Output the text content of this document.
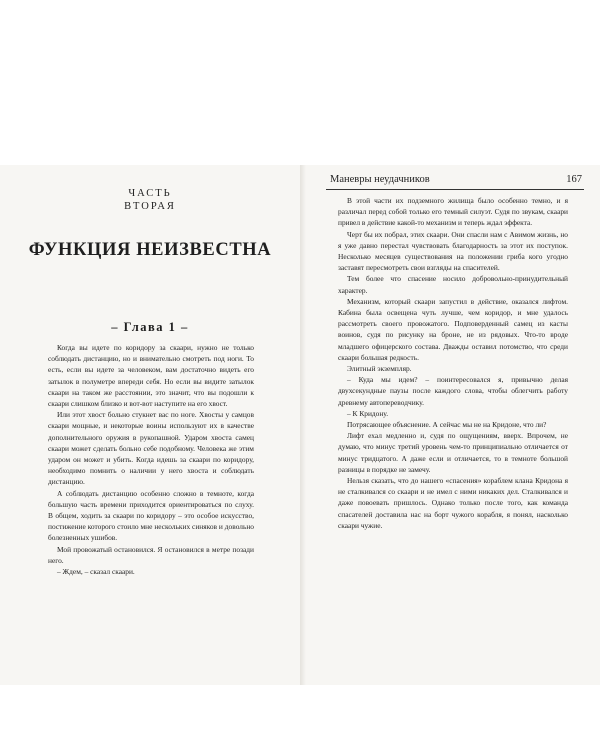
ЧАСТЬ
ВТОРАЯ
ФУНКЦИЯ НЕИЗВЕСТНА
– Глава 1 –

Когда вы идете по коридору за скаари, нужно не только соблюдать дистанцию, но и внимательно смотреть под ноги. То есть, если вы идете за человеком, вам достаточно видеть его затылок в полуметре впереди себя. Но если вы видите затылок скаари на таком же расстоянии, это значит, что вы подошли к скаари слишком близко и вот-вот наступите на его хвост.

Или этот хвост больно стукнет вас по ноге. Хвосты у самцов скаари мощные, и некоторые воины используют их в качестве дополнительного оружия в рукопашной. Ударом хвоста самец скаари может сделать больно себе подобному. Человека же этим ударом он может и убить. Когда идешь за скаари по коридору, необходимо помнить о наличии у него хвоста и соблюдать дистанцию.

А соблюдать дистанцию особенно сложно в темноте, когда большую часть времени приходится ориентироваться по слуху. В общем, ходить за скаари по коридору – это особое искусство, постижение которого стоило мне нескольких синяков и довольно болезненных ушибов.

Мой провожатый остановился. Я остановился в метре позади него.

– Ждем, – сказал скаари.

Маневры неудачников	167

В этой части их подземного жилища было особенно темно, и я различал перед собой только его темный силуэт. Судя по звукам, скаари привел в действие какой-то механизм и теперь ждал эффекта.

Черт бы их побрал, этих скаари. Они спасли нам с Авимом жизнь, но я уже давно перестал чувствовать благодарность за этот их поступок. Несколько месяцев существования на положении гриба кого угодно заставят пересмотреть свои взгляды на спасителей.

Тем более что спасение носило добровольно-принудительный характер.

Механизм, который скаари запустил в действие, оказался лифтом. Кабина была освещена чуть лучше, чем коридор, и мне удалось рассмотреть своего провожатого. Подповерденный самец из касты воинов, судя по рисунку на броне, не из рядовых. Что-то вроде младшего офицерского состава. Дважды оставил потомство, что среди скаари большая редкость.

Элитный экземпляр.

– Куда мы идем? – поинтересовался я, привычно делая двухсекундные паузы после каждого слова, чтобы облегчить работу древнему автопереводчику.

– К Кридону.

Потрясающее объяснение. А сейчас мы не на Кридоне, что ли?

Лифт ехал медленно и, судя по ощущениям, вверх. Впрочем, не думаю, что минус третий уровень чем-то принципиально отличается от минус тридцатого. А даже если и отличается, то в темноте большой разницы в порядке не замечу.

Нельзя сказать, что до нашего «спасения» кораблем клана Кридона я не сталкивался со скаари и не имел с ними никаких дел. Сталкивался и даже повоевать пришлось. Однако только после того, как команда спасателей доставила нас на борт чужого корабля, я понял, насколько скаари чужие.
